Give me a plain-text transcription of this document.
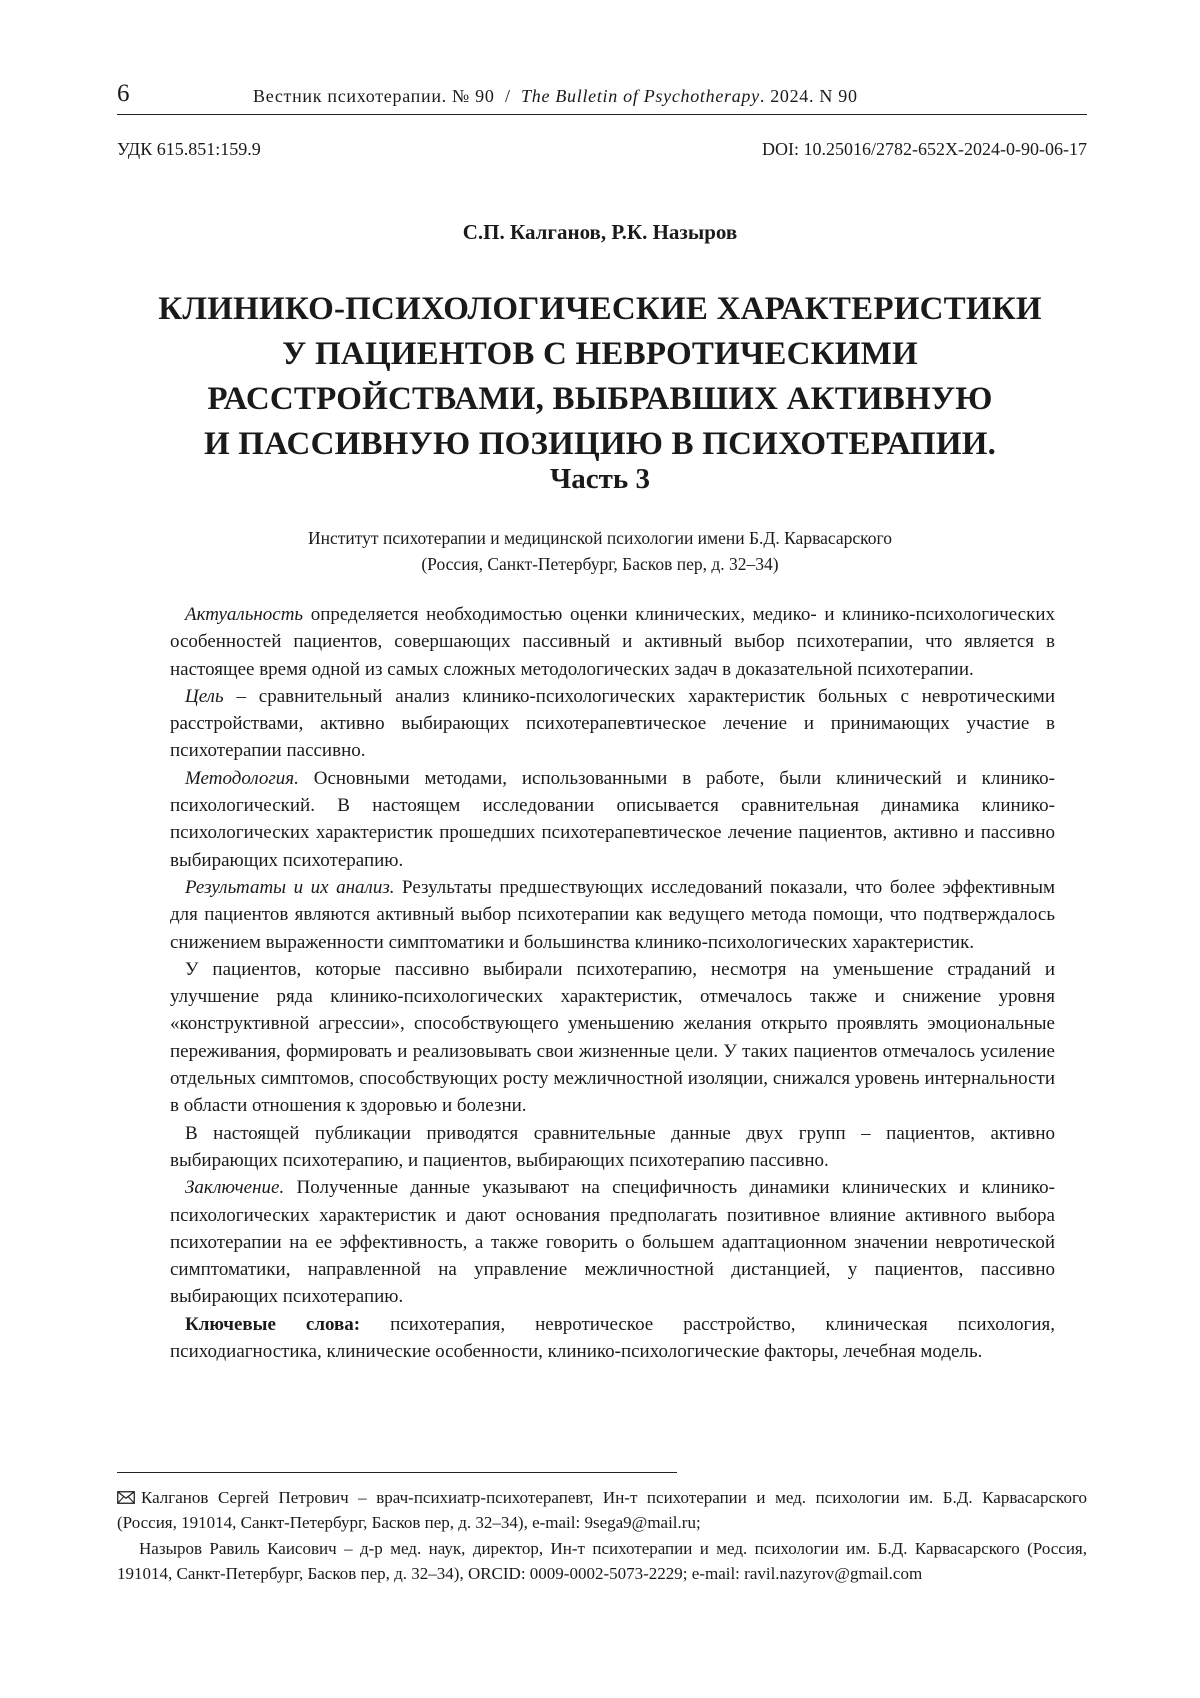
6	Вестник психотерапии. № 90 / The Bulletin of Psychotherapy. 2024. N 90
УДК 615.851:159.9	DOI: 10.25016/2782-652X-2024-0-90-06-17
С.П. Калганов, Р.К. Назыров
КЛИНИКО-ПСИХОЛОГИЧЕСКИЕ ХАРАКТЕРИСТИКИ
У ПАЦИЕНТОВ С НЕВРОТИЧЕСКИМИ
РАССТРОЙСТВАМИ, ВЫБРАВШИХ АКТИВНУЮ
И ПАССИВНУЮ ПОЗИЦИЮ В ПСИХОТЕРАПИИ.
Часть 3
Институт психотерапии и медицинской психологии имени Б.Д. Карвасарского
(Россия, Санкт-Петербург, Басков пер, д. 32–34)

Актуальность определяется необходимостью оценки клинических, медико- и клинико-психологических особенностей пациентов, совершающих пассивный и активный выбор психотерапии, что является в настоящее время одной из самых сложных методологических задач в доказательной психотерапии.

Цель – сравнительный анализ клинико-психологических характеристик больных с невротическими расстройствами, активно выбирающих психотерапевтическое лечение и принимающих участие в психотерапии пассивно.

Методология. Основными методами, использованными в работе, были клинический и клинико-психологический. В настоящем исследовании описывается сравнительная динамика клинико-психологических характеристик прошедших психотерапевтическое лечение пациентов, активно и пассивно выбирающих психотерапию.

Результаты и их анализ. Результаты предшествующих исследований показали, что более эффективным для пациентов являются активный выбор психотерапии как ведущего метода помощи, что подтверждалось снижением выраженности симптоматики и большинства клинико-психологических характеристик.

У пациентов, которые пассивно выбирали психотерапию, несмотря на уменьшение страданий и улучшение ряда клинико-психологических характеристик, отмечалось также и снижение уровня «конструктивной агрессии», способствующего уменьшению желания открыто проявлять эмоциональные переживания, формировать и реализовывать свои жизненные цели. У таких пациентов отмечалось усиление отдельных симптомов, способствующих росту межличностной изоляции, снижался уровень интернальности в области отношения к здоровью и болезни.

В настоящей публикации приводятся сравнительные данные двух групп – пациентов, активно выбирающих психотерапию, и пациентов, выбирающих психотерапию пассивно.

Заключение. Полученные данные указывают на специфичность динамики клинических и клинико-психологических характеристик и дают основания предполагать позитивное влияние активного выбора психотерапии на ее эффективность, а также говорить о большем адаптационном значении невротической симптоматики, направленной на управление межличностной дистанцией, у пациентов, пассивно выбирающих психотерапию.

Ключевые слова: психотерапия, невротическое расстройство, клиническая психология, психодиагностика, клинические особенности, клинико-психологические факторы, лечебная модель.

Калганов Сергей Петрович – врач-психиатр-психотерапевт, Ин-т психотерапии и мед. психологии им. Б.Д. Карвасарского (Россия, 191014, Санкт-Петербург, Басков пер, д. 32–34), e-mail: 9sega9@mail.ru;

Назыров Равиль Каисович – д-р мед. наук, директор, Ин-т психотерапии и мед. психологии им. Б.Д. Карвасарского (Россия, 191014, Санкт-Петербург, Басков пер, д. 32–34), ORCID: 0009-0002-5073-2229; e-mail: ravil.nazyrov@gmail.com
